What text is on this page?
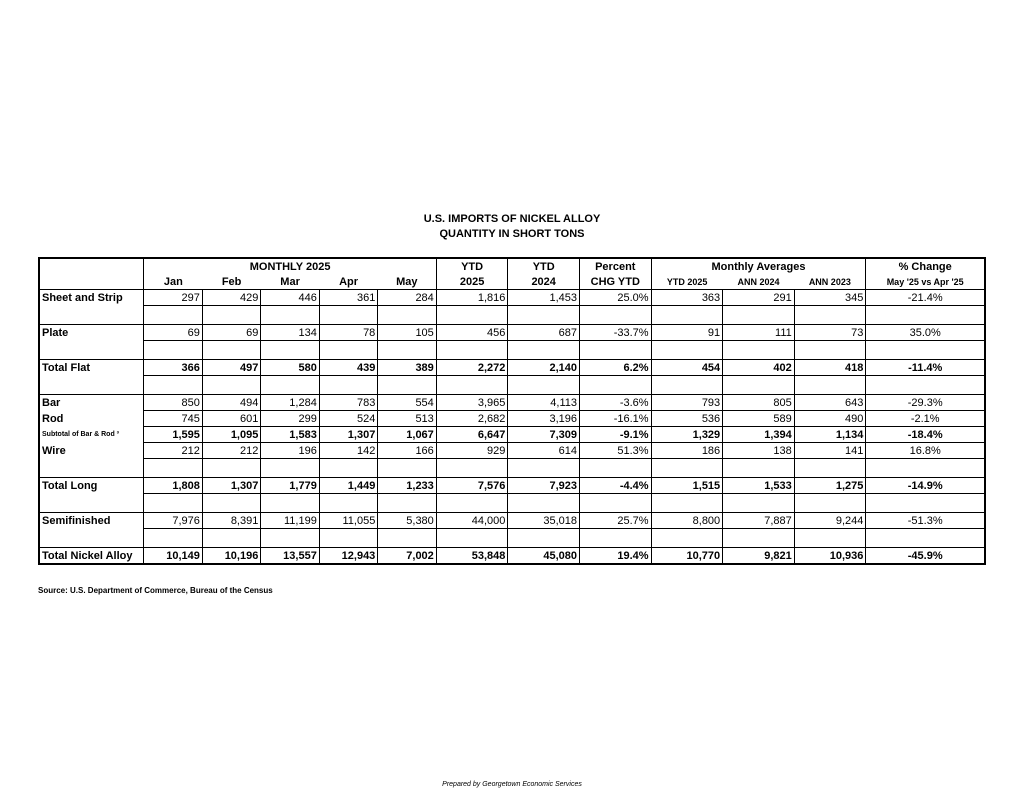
U.S. IMPORTS OF NICKEL ALLOY
QUANTITY IN SHORT TONS
	MONTHLY 2025					YTD	YTD	Percent	Monthly Averages			% Change
	Jan	Feb	Mar	Apr	May	2025	2024	CHG YTD	YTD 2025	ANN 2024	ANN 2023	May '25 vs Apr '25
Sheet and Strip	297	429	446	361	284	1,816	1,453	25.0%	363	291	345	-21.4%

Plate	69	69	134	78	105	456	687	-33.7%	91	111	73	35.0%

Total Flat	366	497	580	439	389	2,272	2,140	6.2%	454	402	418	-11.4%

Bar	850	494	1,284	783	554	3,965	4,113	-3.6%	793	805	643	-29.3%
Rod	745	601	299	524	513	2,682	3,196	-16.1%	536	589	490	-2.1%
Subtotal of Bar & Rod ³	1,595	1,095	1,583	1,307	1,067	6,647	7,309	-9.1%	1,329	1,394	1,134	-18.4%
Wire	212	212	196	142	166	929	614	51.3%	186	138	141	16.8%

Total Long	1,808	1,307	1,779	1,449	1,233	7,576	7,923	-4.4%	1,515	1,533	1,275	-14.9%

Semifinished	7,976	8,391	11,199	11,055	5,380	44,000	35,018	25.7%	8,800	7,887	9,244	-51.3%

Total Nickel Alloy	10,149	10,196	13,557	12,943	7,002	53,848	45,080	19.4%	10,770	9,821	10,936	-45.9%
Source: U.S. Department of Commerce, Bureau of the Census
Prepared by Georgetown Economic Services
